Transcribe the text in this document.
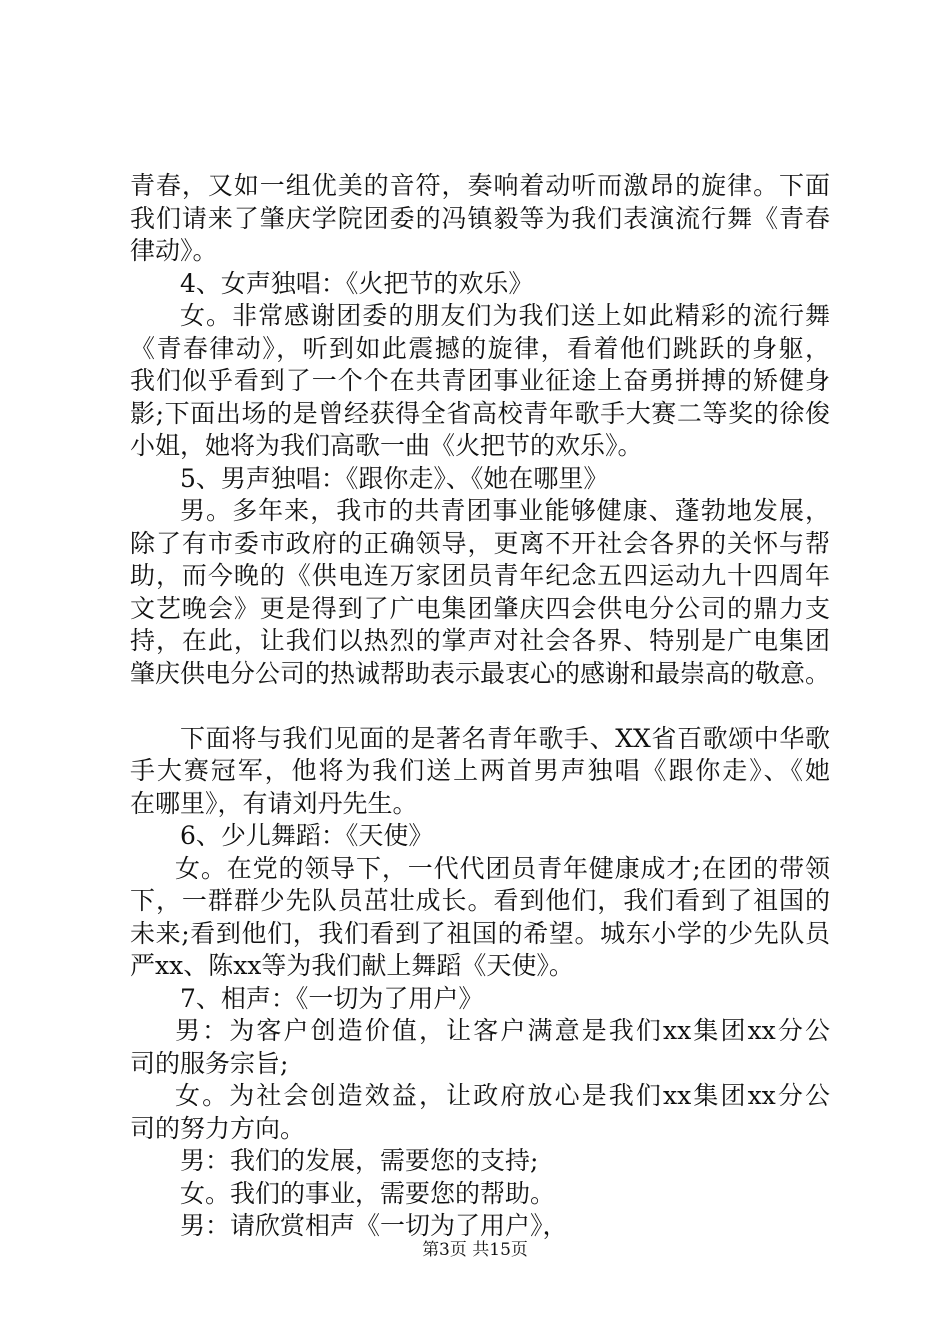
青春，又如一组优美的音符，奏响着动听而激昂的旋律。下面
我们请来了肇庆学院团委的冯镇毅等为我们表演流行舞《青春
律动》。
4、女声独唱：《火把节的欢乐》
女。非常感谢团委的朋友们为我们送上如此精彩的流行舞
《青春律动》，听到如此震撼的旋律，看着他们跳跃的身躯，
我们似乎看到了一个个在共青团事业征途上奋勇拼搏的矫健身
影;下面出场的是曾经获得全省高校青年歌手大赛二等奖的徐俊
小姐，她将为我们高歌一曲《火把节的欢乐》。
5、男声独唱：《跟你走》、《她在哪里》
男。多年来，我市的共青团事业能够健康、蓬勃地发展，
除了有市委市政府的正确领导，更离不开社会各界的关怀与帮
助，而今晚的《供电连万家团员青年纪念五四运动九十四周年
文艺晚会》更是得到了广电集团肇庆四会供电分公司的鼎力支
持，在此，让我们以热烈的掌声对社会各界、特别是广电集团
肇庆供电分公司的热诚帮助表示最衷心的感谢和最崇高的敬意。
下面将与我们见面的是著名青年歌手、XX省百歌颂中华歌
手大赛冠军，他将为我们送上两首男声独唱《跟你走》、《她
在哪里》，有请刘丹先生。
6、少儿舞蹈：《天使》
女。在党的领导下，一代代团员青年健康成才;在团的带领
下，一群群少先队员茁壮成长。看到他们，我们看到了祖国的
未来;看到他们，我们看到了祖国的希望。城东小学的少先队员
严xx、陈xx等为我们献上舞蹈《天使》。
7、相声：《一切为了用户》
男：为客户创造价值，让客户满意是我们xx集团xx分公
司的服务宗旨;
女。为社会创造效益，让政府放心是我们xx集团xx分公
司的努力方向。
男：我们的发展，需要您的支持;
女。我们的事业，需要您的帮助。
男：请欣赏相声《一切为了用户》，
第3页 共15页
